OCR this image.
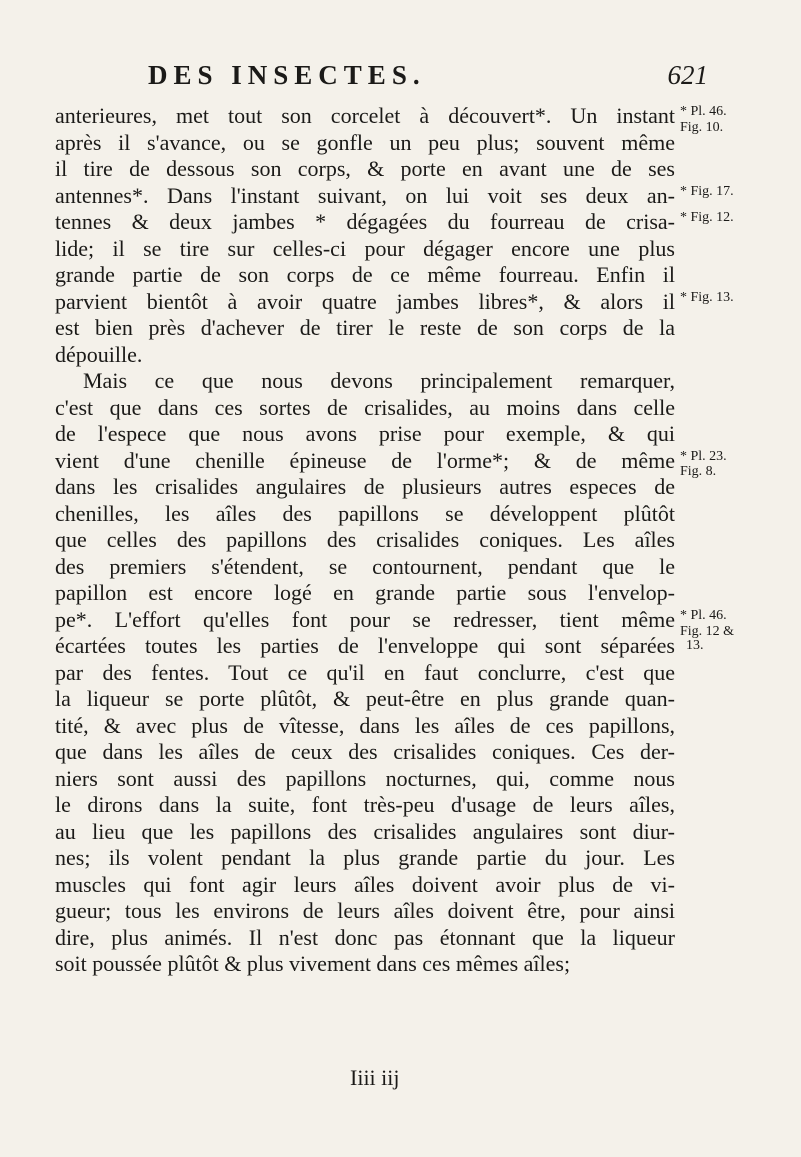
DES INSECTES.	621
anterieures, met tout son corcelet à découvert*. Un instant
après il s'avance, ou se gonfle un peu plus; souvent même
il tire de dessous son corps, & porte en avant une de ses
antennes*. Dans l'instant suivant, on lui voit ses deux an-
tennes & deux jambes * dégagées du fourreau de crisa-
lide; il se tire sur celles-ci pour dégager encore une plus
grande partie de son corps de ce même fourreau. Enfin il
parvient bientôt à avoir quatre jambes libres*, & alors il
est bien près d'achever de tirer le reste de son corps de la
dépouille.
Mais ce que nous devons principalement remarquer,
c'est que dans ces sortes de crisalides, au moins dans celle
de l'espece que nous avons prise pour exemple, & qui
vient d'une chenille épineuse de l'orme*; & de même
dans les crisalides angulaires de plusieurs autres especes de
chenilles, les aîles des papillons se développent plûtôt
que celles des papillons des crisalides coniques. Les aîles
des premiers s'étendent, se contournent, pendant que le
papillon est encore logé en grande partie sous l'envelop-
pe*. L'effort qu'elles font pour se redresser, tient même
écartées toutes les parties de l'enveloppe qui sont séparées
par des fentes. Tout ce qu'il en faut conclurre, c'est que
la liqueur se porte plûtôt, & peut-être en plus grande quan-
tité, & avec plus de vîtesse, dans les aîles de ces papillons,
que dans les aîles de ceux des crisalides coniques. Ces der-
niers sont aussi des papillons nocturnes, qui, comme nous
le dirons dans la suite, font très-peu d'usage de leurs aîles,
au lieu que les papillons des crisalides angulaires sont diur-
nes; ils volent pendant la plus grande partie du jour. Les
muscles qui font agir leurs aîles doivent avoir plus de vi-
gueur; tous les environs de leurs aîles doivent être, pour ainsi
dire, plus animés. Il n'est donc pas étonnant que la liqueur
soit poussée plûtôt & plus vivement dans ces mêmes aîles;
* Pl. 46.
Fig. 10.
* Fig. 17.
* Fig. 12.
* Fig. 13.
* Pl. 23.
Fig. 8.
* Pl. 46.
Fig. 12 &
13.
Iiii iij
